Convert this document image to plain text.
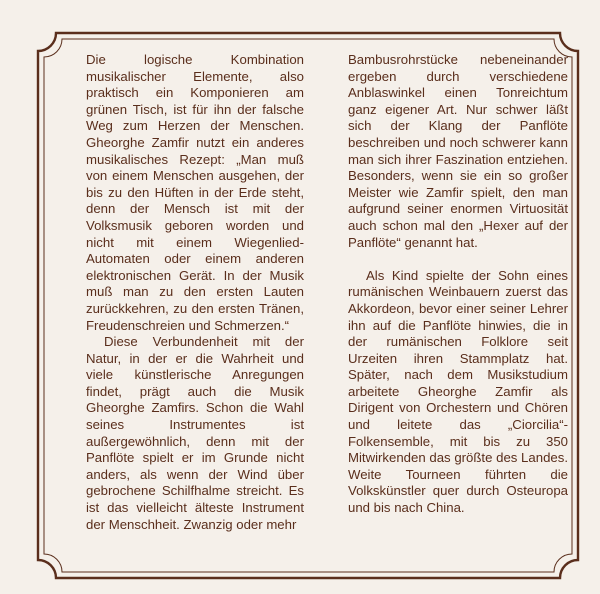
Die logische Kombination musikalischer Elemente, also praktisch ein Komponieren am grünen Tisch, ist für ihn der falsche Weg zum Herzen der Menschen. Gheorghe Zamfir nutzt ein anderes musikalisches Rezept: „Man muß von einem Menschen ausgehen, der bis zu den Hüften in der Erde steht, denn der Mensch ist mit der Volksmusik geboren worden und nicht mit einem Wiegenlied-Automaten oder einem anderen elektronischen Gerät. In der Musik muß man zu den ersten Lauten zurückkehren, zu den ersten Tränen, Freudenschreien und Schmerzen.“

Diese Verbundenheit mit der Natur, in der er die Wahrheit und viele künstlerische Anregungen findet, prägt auch die Musik Gheorghe Zamfirs. Schon die Wahl seines Instrumentes ist außergewöhnlich, denn mit der Panflöte spielt er im Grunde nicht anders, als wenn der Wind über gebrochene Schilfhalme streicht. Es ist das vielleicht älteste Instrument der Menschheit. Zwanzig oder mehr

Bambusrohrstücke nebeneinander ergeben durch verschiedene Anblaswinkel einen Tonreichtum ganz eigener Art. Nur schwer läßt sich der Klang der Panflöte beschreiben und noch schwerer kann man sich ihrer Faszination entziehen. Besonders, wenn sie ein so großer Meister wie Zamfir spielt, den man aufgrund seiner enormen Virtuosität auch schon mal den „Hexer auf der Panflöte“ genannt hat.

Als Kind spielte der Sohn eines rumänischen Weinbauern zuerst das Akkordeon, bevor einer seiner Lehrer ihn auf die Panflöte hinwies, die in der rumänischen Folklore seit Urzeiten ihren Stammplatz hat. Später, nach dem Musikstudium arbeitete Gheorghe Zamfir als Dirigent von Orchestern und Chören und leitete das „Ciorcilia“-Folkensemble, mit bis zu 350 Mitwirkenden das größte des Landes. Weite Tourneen führten die Volkskünstler quer durch Osteuropa und bis nach China.
